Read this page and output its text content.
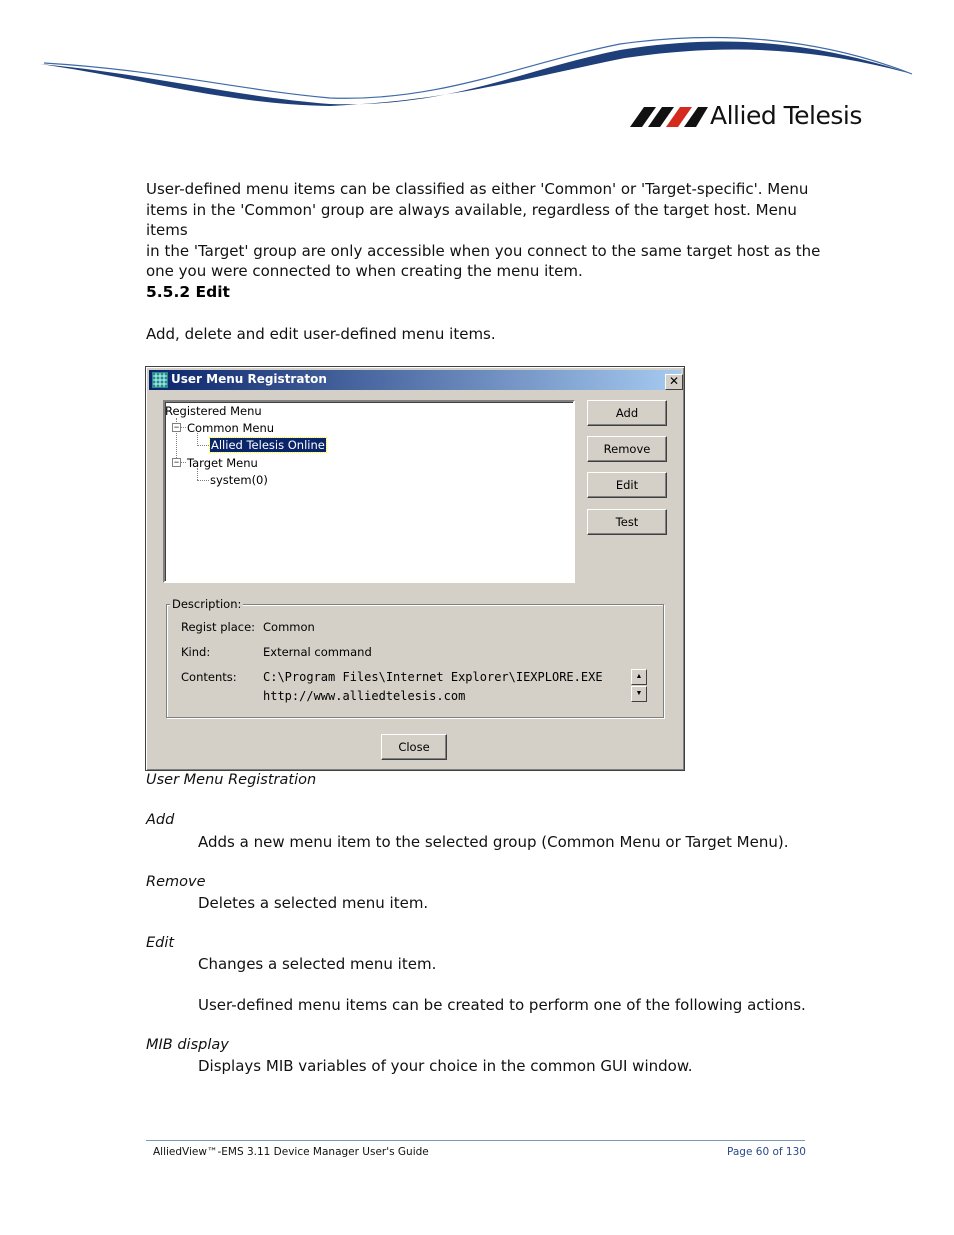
Allied Telesis
User-defined menu items can be classified as either 'Common' or 'Target-specific'. Menu
items in the 'Common' group are always available, regardless of the target host. Menu items
in the 'Target' group are only accessible when you connect to the same target host as the
one you were connected to when creating the menu item.
5.5.2 Edit
Add, delete and edit user-defined menu items.
User Menu Registraton	✕
Registered Menu
− Common Menu
Allied Telesis Online
− Target Menu
system(0)
Add
Remove
Edit
Test
Description:
Regist place: Common
Kind:	External command
Contents: C:\Program Files\Internet Explorer\IEXPLORE.EXE
http://www.alliedtelesis.com
▲
▼
Close
User Menu Registration
Add
Adds a new menu item to the selected group (Common Menu or Target Menu).
Remove
Deletes a selected menu item.
Edit
Changes a selected menu item.
User-defined menu items can be created to perform one of the following actions.
MIB display
Displays MIB variables of your choice in the common GUI window.
AlliedView™-EMS 3.11 Device Manager User's Guide	Page 60 of 130
